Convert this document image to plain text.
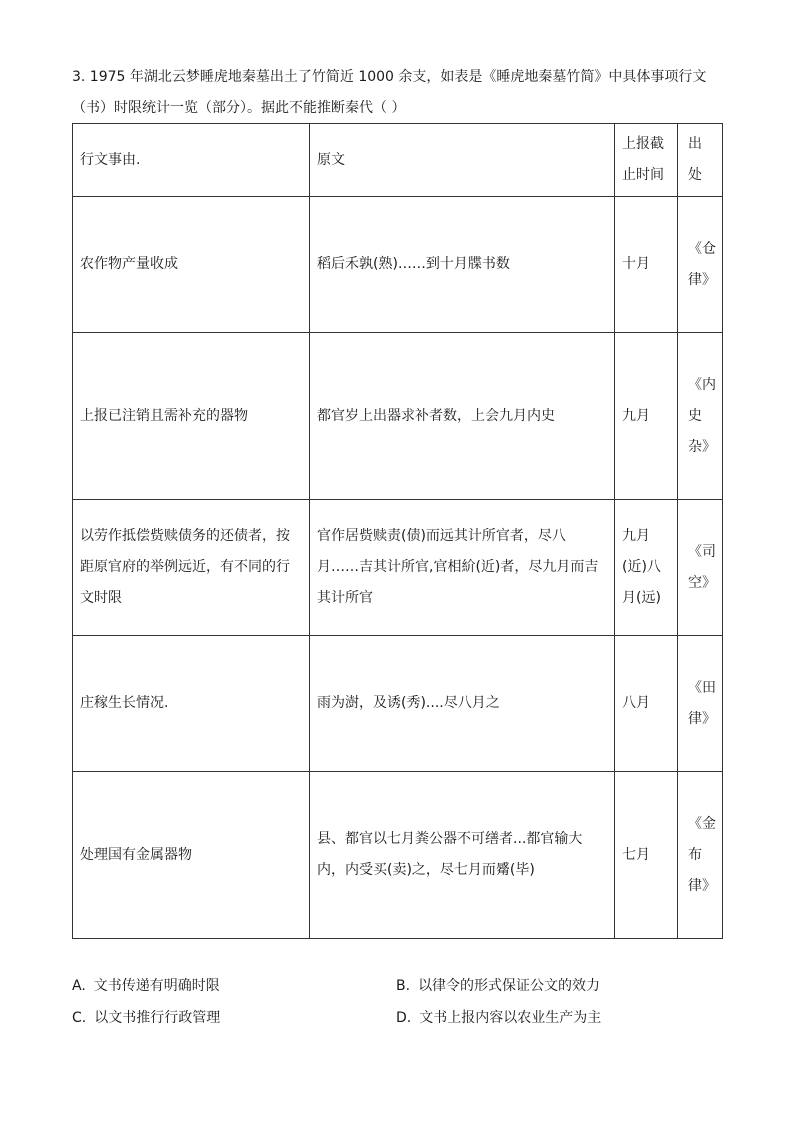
3. 1975 年湖北云梦睡虎地秦墓出土了竹简近 1000 余支，如表是《睡虎地秦墓竹简》中具体事项行文
（书）时限统计一览（部分）。据此不能推断秦代（ ）
行文事由.	原文	上报截止时间	出处

农作物产量收成	稻后禾孰(熟)……到十月牒书数	十月	《仓律》

上报已注销且需补充的器物	都官岁上出器求补者数，上会九月内史	九月	《内史杂》

以劳作抵偿赀赎债务的还债者，按距原官府的举例远近，有不同的行文时限	官作居赀赎责(债)而远其计所官者，尽八月……吉其计所官,官相紒(近)者，尽九月而吉其计所官	九月(近)八月(远)	《司空》

庄稼生长情况.	雨为澍，及诱(秀)....尽八月之	八月	《田律》

处理国有金属器物	县、都官以七月粪公器不可缮者...都官输大内，内受买(卖)之，尽七月而觱(毕)	七月	《金布律》
A. 文书传递有明确时限	B. 以律令的形式保证公文的效力
C. 以文书推行行政管理	D. 文书上报内容以农业生产为主
